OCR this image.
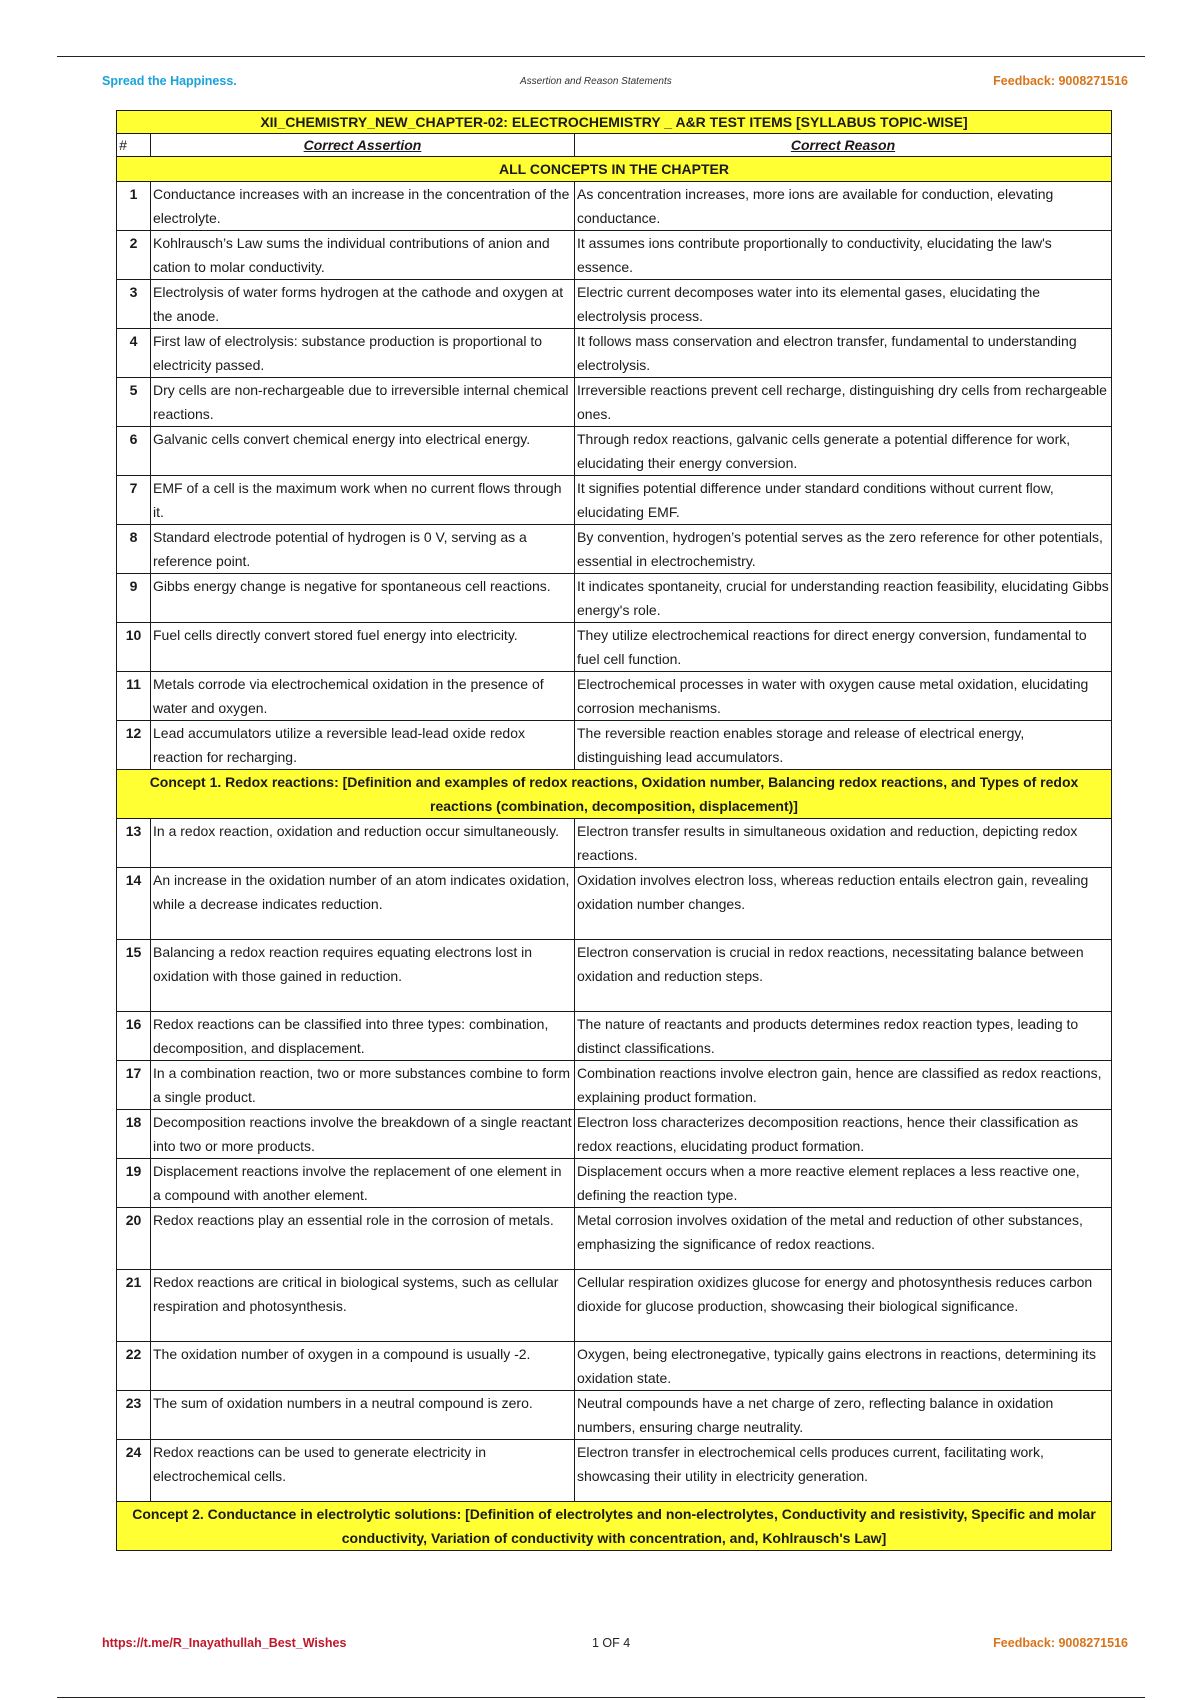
Spread the Happiness.	Assertion and Reason Statements	Feedback: 9008271516
XII_CHEMISTRY_NEW_CHAPTER-02: ELECTROCHEMISTRY _ A&R TEST ITEMS [SYLLABUS TOPIC-WISE]		
#	Correct Assertion	Correct Reason
ALL CONCEPTS IN THE CHAPTER		
1	Conductance increases with an increase in the concentration of the electrolyte.	As concentration increases, more ions are available for conduction, elevating conductance.
2	Kohlrausch’s Law sums the individual contributions of anion and cation to molar conductivity.	It assumes ions contribute proportionally to conductivity, elucidating the law's essence.
3	Electrolysis of water forms hydrogen at the cathode and oxygen at the anode.	Electric current decomposes water into its elemental gases, elucidating the electrolysis process.
4	First law of electrolysis: substance production is proportional to electricity passed.	It follows mass conservation and electron transfer, fundamental to understanding electrolysis.
5	Dry cells are non-rechargeable due to irreversible internal chemical reactions.	Irreversible reactions prevent cell recharge, distinguishing dry cells from rechargeable ones.
6	Galvanic cells convert chemical energy into electrical energy.	Through redox reactions, galvanic cells generate a potential difference for work, elucidating their energy conversion.
7	EMF of a cell is the maximum work when no current flows through it.	It signifies potential difference under standard conditions without current flow, elucidating EMF.
8	Standard electrode potential of hydrogen is 0 V, serving as a reference point.	By convention, hydrogen’s potential serves as the zero reference for other potentials, essential in electrochemistry.
9	Gibbs energy change is negative for spontaneous cell reactions.	It indicates spontaneity, crucial for understanding reaction feasibility, elucidating Gibbs energy's role.
10	Fuel cells directly convert stored fuel energy into electricity.	They utilize electrochemical reactions for direct energy conversion, fundamental to fuel cell function.
11	Metals corrode via electrochemical oxidation in the presence of water and oxygen.	Electrochemical processes in water with oxygen cause metal oxidation, elucidating corrosion mechanisms.
12	Lead accumulators utilize a reversible lead-lead oxide redox reaction for recharging.	The reversible reaction enables storage and release of electrical energy, distinguishing lead accumulators.
Concept 1. Redox reactions: [Definition and examples of redox reactions, Oxidation number, Balancing redox reactions, and Types of redox reactions (combination, decomposition, displacement)]		
13	In a redox reaction, oxidation and reduction occur simultaneously.	Electron transfer results in simultaneous oxidation and reduction, depicting redox reactions.
14	An increase in the oxidation number of an atom indicates oxidation, while a decrease indicates reduction.	Oxidation involves electron loss, whereas reduction entails electron gain, revealing oxidation number changes.
15	Balancing a redox reaction requires equating electrons lost in oxidation with those gained in reduction.	Electron conservation is crucial in redox reactions, necessitating balance between oxidation and reduction steps.
16	Redox reactions can be classified into three types: combination, decomposition, and displacement.	The nature of reactants and products determines redox reaction types, leading to distinct classifications.
17	In a combination reaction, two or more substances combine to form a single product.	Combination reactions involve electron gain, hence are classified as redox reactions, explaining product formation.
18	Decomposition reactions involve the breakdown of a single reactant into two or more products.	Electron loss characterizes decomposition reactions, hence their classification as redox reactions, elucidating product formation.
19	Displacement reactions involve the replacement of one element in a compound with another element.	Displacement occurs when a more reactive element replaces a less reactive one, defining the reaction type.
20	Redox reactions play an essential role in the corrosion of metals.	Metal corrosion involves oxidation of the metal and reduction of other substances, emphasizing the significance of redox reactions.
21	Redox reactions are critical in biological systems, such as cellular respiration and photosynthesis.	Cellular respiration oxidizes glucose for energy and photosynthesis reduces carbon dioxide for glucose production, showcasing their biological significance.
22	The oxidation number of oxygen in a compound is usually -2.	Oxygen, being electronegative, typically gains electrons in reactions, determining its oxidation state.
23	The sum of oxidation numbers in a neutral compound is zero.	Neutral compounds have a net charge of zero, reflecting balance in oxidation numbers, ensuring charge neutrality.
24	Redox reactions can be used to generate electricity in electrochemical cells.	Electron transfer in electrochemical cells produces current, facilitating work, showcasing their utility in electricity generation.
Concept 2. Conductance in electrolytic solutions: [Definition of electrolytes and non-electrolytes, Conductivity and resistivity, Specific and molar conductivity, Variation of conductivity with concentration, and, Kohlrausch's Law]		
https://t.me/R_Inayathullah_Best_Wishes	1 OF 4	Feedback: 9008271516
